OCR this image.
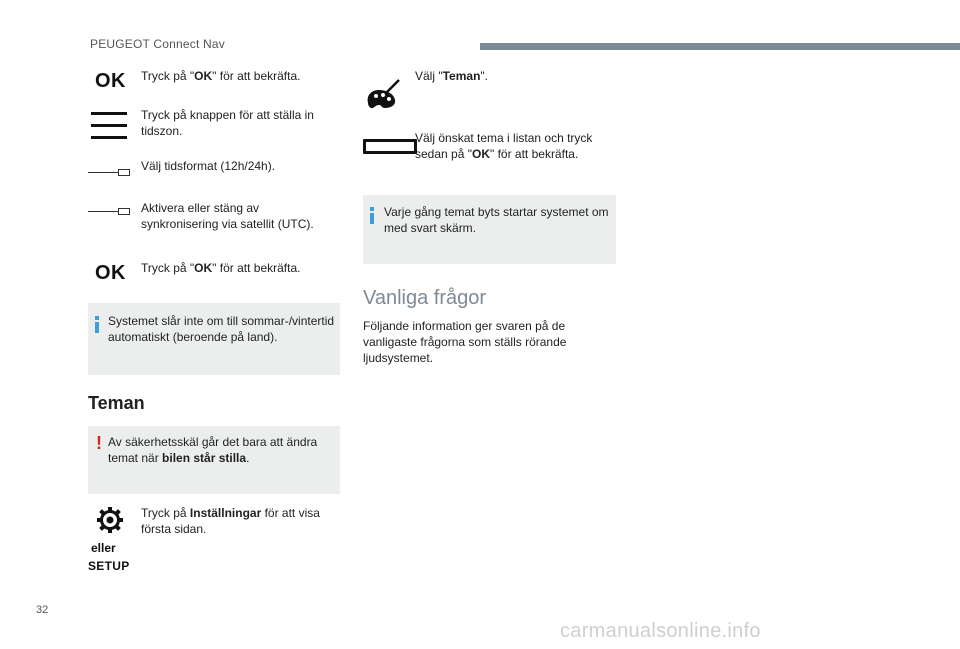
PEUGEOT Connect Nav
OK Tryck på "OK" för att bekräfta.
Tryck på knappen för att ställa in tidszon.
Välj tidsformat (12h/24h).
Aktivera eller stäng av synkronisering via satellit (UTC).
OK Tryck på "OK" för att bekräfta.
Systemet slår inte om till sommar-/vintertid automatiskt (beroende på land).
Teman
! Av säkerhetsskäl går det bara att ändra temat när bilen står stilla.
Tryck på Inställningar för att visa första sidan.
eller
SETUP
Välj "Teman".
Välj önskat tema i listan och tryck sedan på "OK" för att bekräfta.
Varje gång temat byts startar systemet om med svart skärm.
Vanliga frågor
Följande information ger svaren på de vanligaste frågorna som ställs rörande ljudsystemet.
32
carmanualsonline.info
